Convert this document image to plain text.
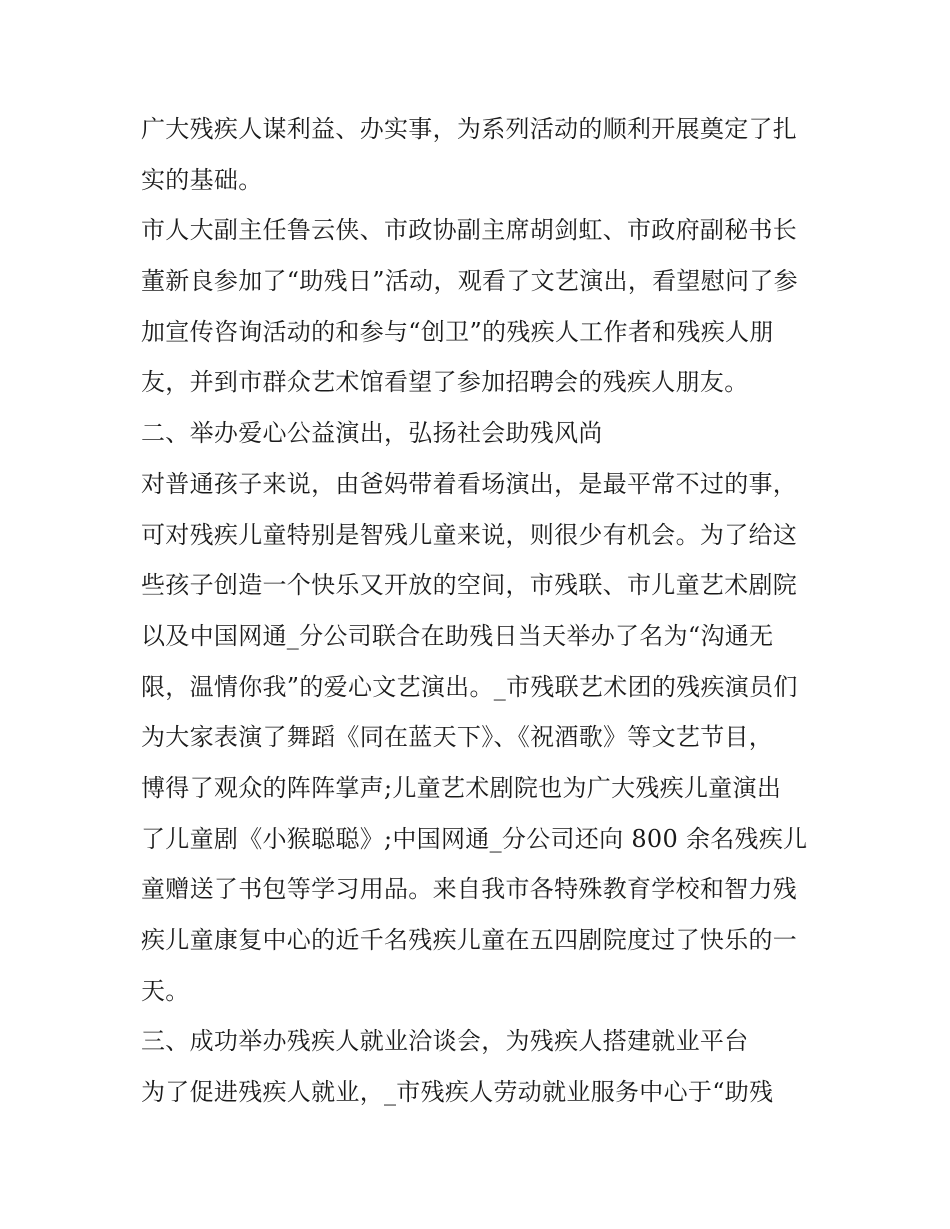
广大残疾人谋利益、办实事，为系列活动的顺利开展奠定了扎
实的基础。
市人大副主任鲁云侠、市政协副主席胡剑虹、市政府副秘书长
董新良参加了“助残日”活动，观看了文艺演出，看望慰问了参
加宣传咨询活动的和参与“创卫”的残疾人工作者和残疾人朋
友，并到市群众艺术馆看望了参加招聘会的残疾人朋友。
二、举办爱心公益演出，弘扬社会助残风尚
对普通孩子来说，由爸妈带着看场演出，是最平常不过的事，
可对残疾儿童特别是智残儿童来说，则很少有机会。为了给这
些孩子创造一个快乐又开放的空间，市残联、市儿童艺术剧院
以及中国网通_分公司联合在助残日当天举办了名为“沟通无
限，温情你我”的爱心文艺演出。_市残联艺术团的残疾演员们
为大家表演了舞蹈《同在蓝天下》、《祝酒歌》等文艺节目，
博得了观众的阵阵掌声;儿童艺术剧院也为广大残疾儿童演出
了儿童剧《小猴聪聪》;中国网通_分公司还向 800 余名残疾儿
童赠送了书包等学习用品。来自我市各特殊教育学校和智力残
疾儿童康复中心的近千名残疾儿童在五四剧院度过了快乐的一
天。
三、成功举办残疾人就业洽谈会，为残疾人搭建就业平台
为了促进残疾人就业，_市残疾人劳动就业服务中心于“助残
